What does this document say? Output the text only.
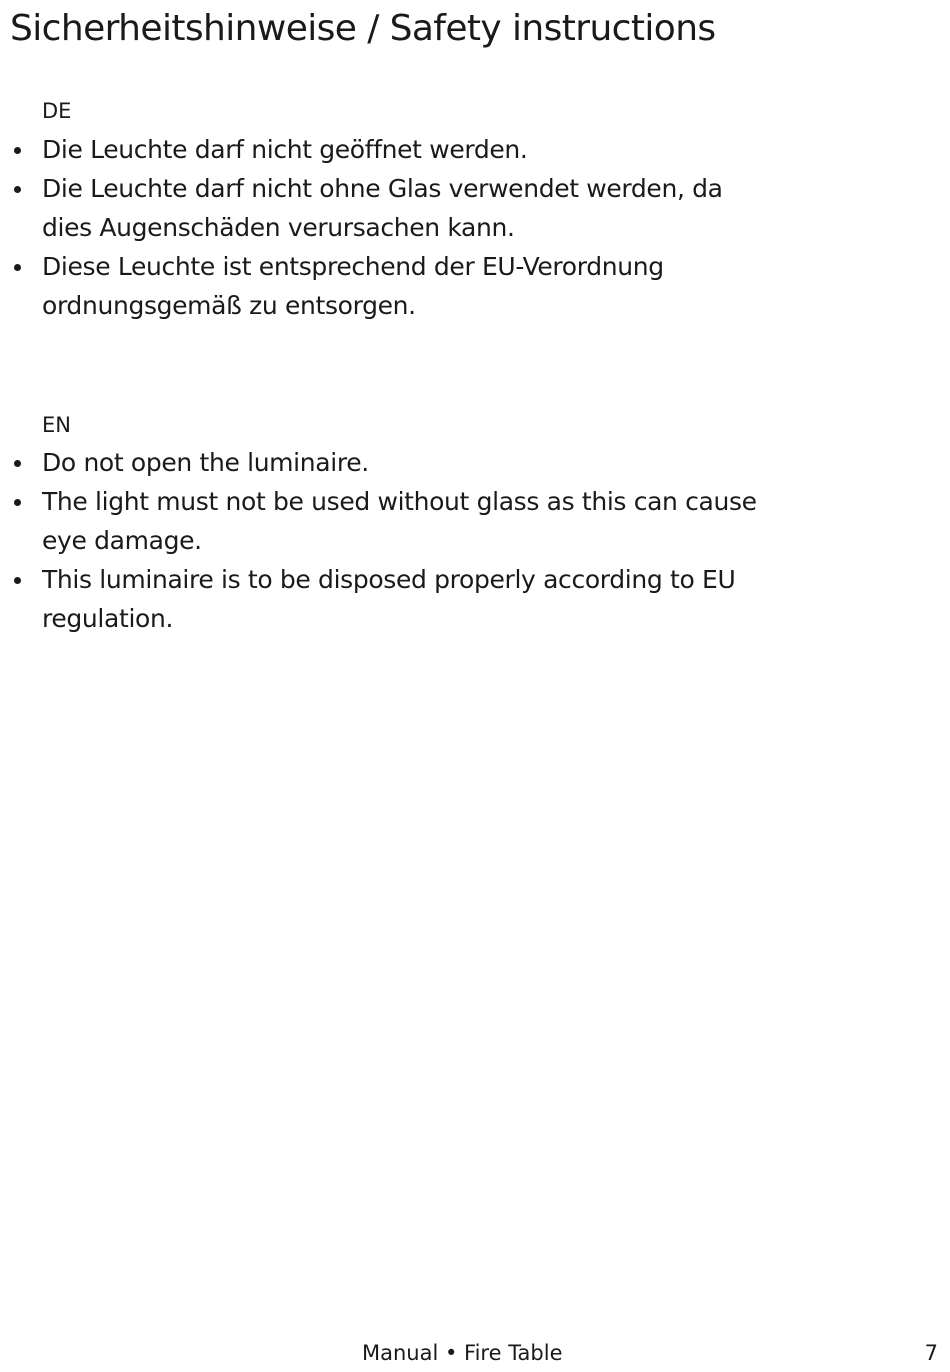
Sicherheitshinweise / Safety instructions
DE
Die Leuchte darf nicht geöffnet werden.
Die Leuchte darf nicht ohne Glas verwendet werden, da dies Augenschäden verursachen kann.
Diese Leuchte ist entsprechend der EU-Verordnung ordnungsgemäß zu entsorgen.
EN
Do not open the luminaire.
The light must not be used without glass as this can cause eye damage.
This luminaire is to be disposed properly according to EU regulation.
Manual • Fire Table	7
